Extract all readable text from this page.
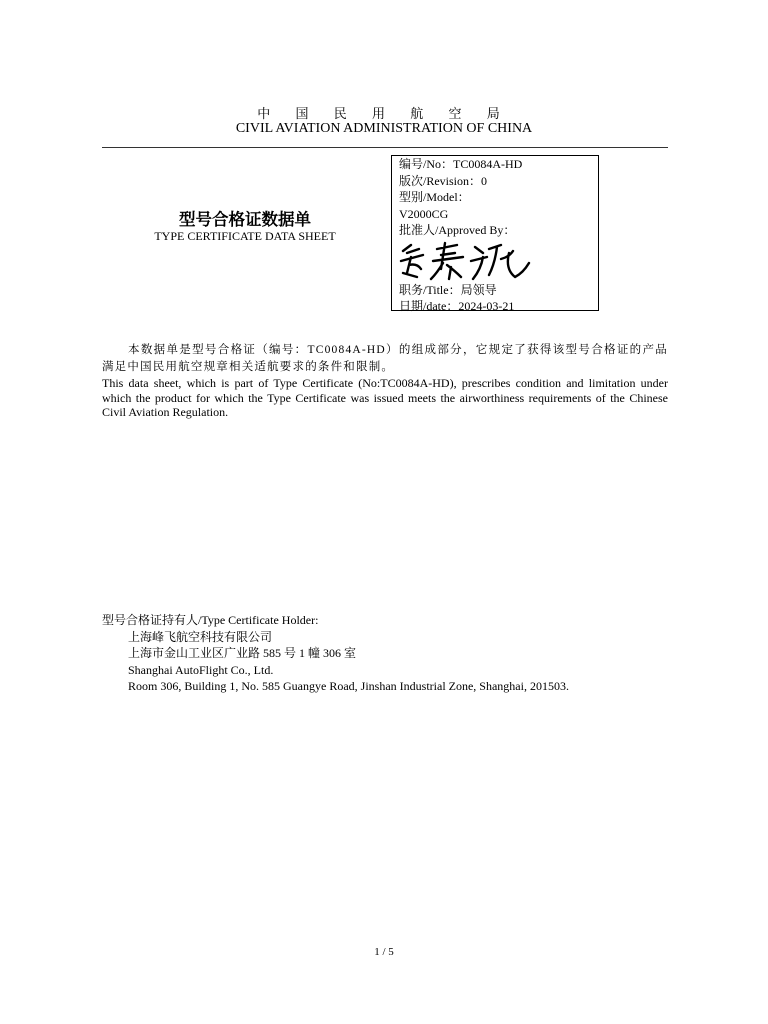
中 国 民 用 航 空 局
CIVIL AVIATION ADMINISTRATION OF CHINA
型号合格证数据单
TYPE CERTIFICATE DATA SHEET
编号/No：TC0084A-HD
版次/Revision：0
型别/Model：
V2000CG
批准人/Approved By：
职务/Title：局领导
日期/date：2024-03-21
本数据单是型号合格证（编号：TC0084A-HD）的组成部分，它规定了获得该型号合格证的产品满足中国民用航空规章相关适航要求的条件和限制。
This data sheet, which is part of Type Certificate (No:TC0084A-HD), prescribes condition and limitation under which the product for which the Type Certificate was issued meets the airworthiness requirements of the Chinese Civil Aviation Regulation.
型号合格证持有人/Type Certificate Holder:
上海峰飞航空科技有限公司
上海市金山工业区广业路 585 号 1 幢 306 室
Shanghai AutoFlight Co., Ltd.
Room 306, Building 1, No. 585 Guangye Road, Jinshan Industrial Zone, Shanghai, 201503.
1 / 5
